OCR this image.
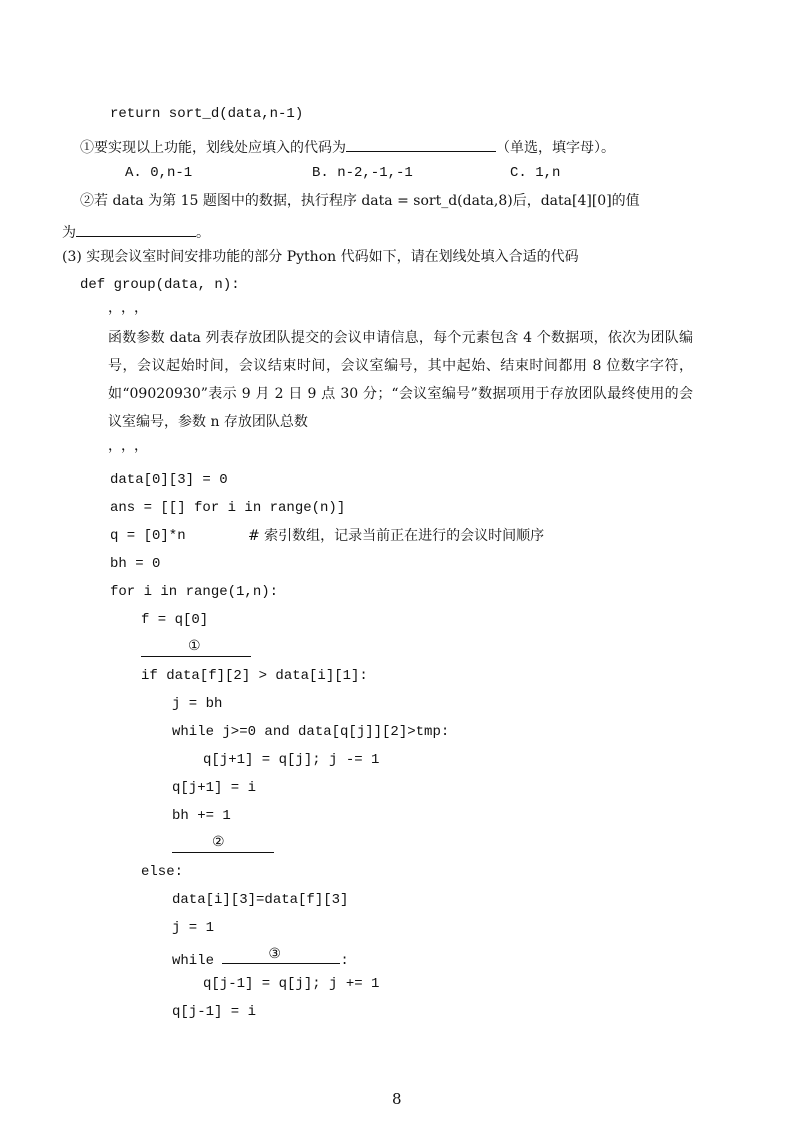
return sort_d(data,n-1)
①要实现以上功能，划线处应填入的代码为	（单选，填字母）。
A. 0,n-1	B. n-2,-1,-1	C. 1,n
②若 data 为第 15 题图中的数据，执行程序 data = sort_d(data,8)后，data[4][0]的值
为	。
(3) 实现会议室时间安排功能的部分 Python 代码如下，请在划线处填入合适的代码
def group(data, n):
，，，
函数参数 data 列表存放团队提交的会议申请信息，每个元素包含 4 个数据项，依次为团队编号，会议起始时间，会议结束时间，会议室编号，其中起始、结束时间都用 8 位数字字符，如“09020930”表示 9 月 2 日 9 点 30 分；“会议室编号”数据项用于存放团队最终使用的会议室编号，参数 n 存放团队总数
，，，
data[0][3] = 0
ans = [[] for i in range(n)]
q = [0]*n	# 索引数组，记录当前正在进行的会议时间顺序
bh = 0
for i in range(1,n):
f = q[0]
①
if data[f][2] > data[i][1]:
j = bh
while j>=0 and data[q[j]][2]>tmp:
q[j+1] = q[j]; j -= 1
q[j+1] = i
bh += 1
②
else:
data[i][3]=data[f][3]
j = 1
while	③	:
q[j-1] = q[j]; j += 1
q[j-1] = i
8
